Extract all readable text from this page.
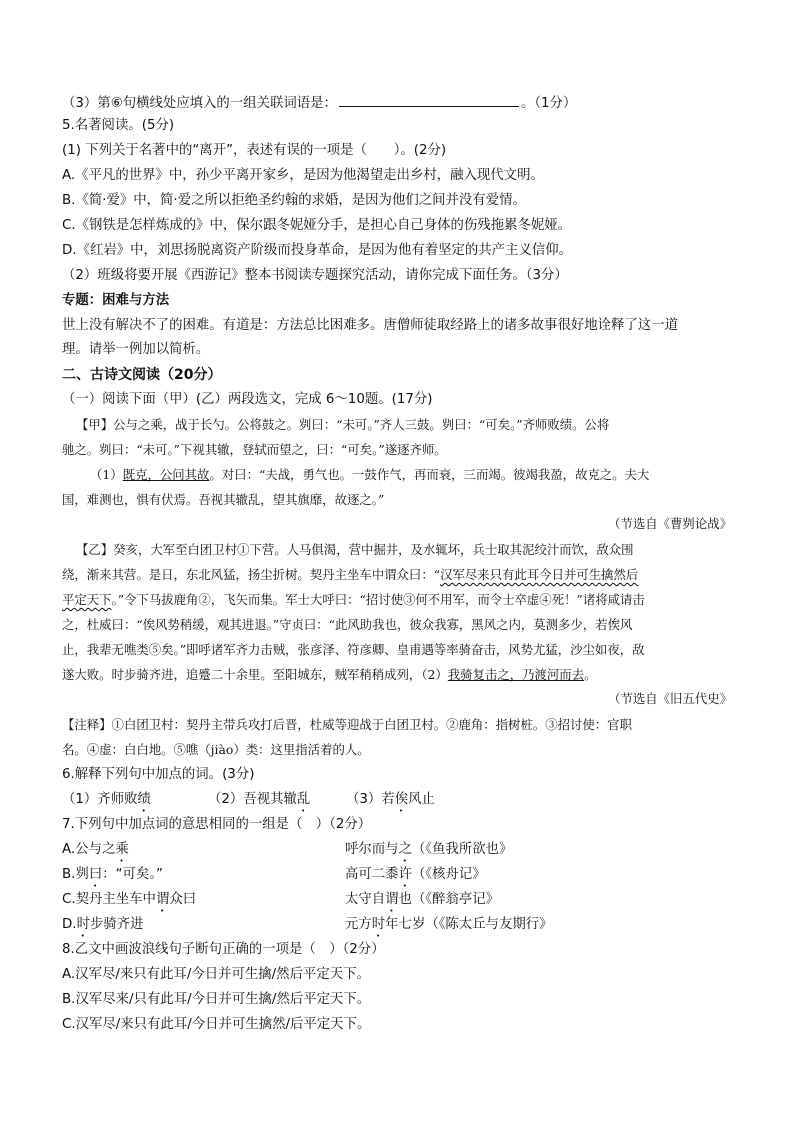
（3）第⑥句横线处应填入的一组关联词语是：	。（1分）
5.名著阅读。(5分)
(1) 下列关于名著中的“离开”，表述有误的一项是（　　）。(2分)
A.《平凡的世界》中，孙少平离开家乡，是因为他渴望走出乡村，融入现代文明。
B.《简·爱》中，简·爱之所以拒绝圣约翰的求婚，是因为他们之间并没有爱情。
C.《钢铁是怎样炼成的》中，保尔跟冬妮娅分手，是担心自己身体的伤残拖累冬妮娅。
D.《红岩》中，刘思扬脱离资产阶级而投身革命，是因为他有着坚定的共产主义信仰。
（2）班级将要开展《西游记》整本书阅读专题探究活动，请你完成下面任务。（3分）
专题：困难与方法
世上没有解决不了的困难。有道是：方法总比困难多。唐僧师徒取经路上的诸多故事很好地诠释了这一道
理。请举一例加以简析。
二、古诗文阅读（20分）
（一）阅读下面（甲）(乙）两段选文，完成 6～10题。(17分)
【甲】公与之乘，战于长勺。公将鼓之。刿曰：“未可。”齐人三鼓。刿曰：“可矣。”齐师败绩。公将
驰之。刿曰：“未可。”下视其辙，登轼而望之，曰：“可矣。”遂逐齐师。
（1）既克，公问其故。对曰：“夫战，勇气也。一鼓作气，再而衰，三而竭。彼竭我盈，故克之。夫大
国，难测也，惧有伏焉。吾视其辙乱，望其旗靡，故逐之。”
（节选自《曹刿论战》
【乙】癸亥，大军至白团卫村①下营。人马俱渴，营中掘井，及水辄坏，兵士取其泥绞汁而饮，敌众围
绕，渐来其营。是日，东北风猛，扬尘折树。契丹主坐车中谓众曰：“汉军尽来只有此耳今日并可生擒然后
平定天下。”令下马拔鹿角②，飞矢而集。军士大呼曰：“招讨使③何不用军，而令士卒虚④死！”诸将咸请击
之，杜威曰：“俟风势稍缓，观其进退。”守贞曰：“此风助我也，彼众我寡，黑风之内，莫测多少，若俟风
止，我辈无噍类⑤矣。”即呼诸军齐力击贼，张彦泽、符彦卿、皇甫遇等率骑奋击，风势尤猛，沙尘如夜，敌
遂大败。时步骑齐进，追蹙二十余里。至阳城东，贼军稍稍成列，（2）我骑复击之，乃渡河而去。
（节选自《旧五代史》
【注释】①白团卫村：契丹主带兵攻打后晋，杜威等迎战于白团卫村。②鹿角：指树桩。③招讨使：官职
名。④虚：白白地。⑤噍（jiào）类：这里指活着的人。
6.解释下列句中加点的词。(3分)
（1）齐师败绩	（2）吾视其辙乱	（3）若俟风止
7.下列句中加点词的意思相同的一组是（　）（2分）
A.公与之乘	呼尔而与之（《鱼我所欲也》
B.刿曰：“可矣。”	高可二黍许（《核舟记》
C.契丹主坐车中谓众曰	太守自谓也（《醉翁亭记》
D.时步骑齐进	元方时年七岁（《陈太丘与友期行》
8.乙文中画波浪线句子断句正确的一项是（　）（2分）
A.汉军尽/来只有此耳/今日并可生擒/然后平定天下。
B.汉军尽来/只有此耳/今日并可生擒/然后平定天下。
C.汉军尽/来只有此耳/今日并可生擒然/后平定天下。
